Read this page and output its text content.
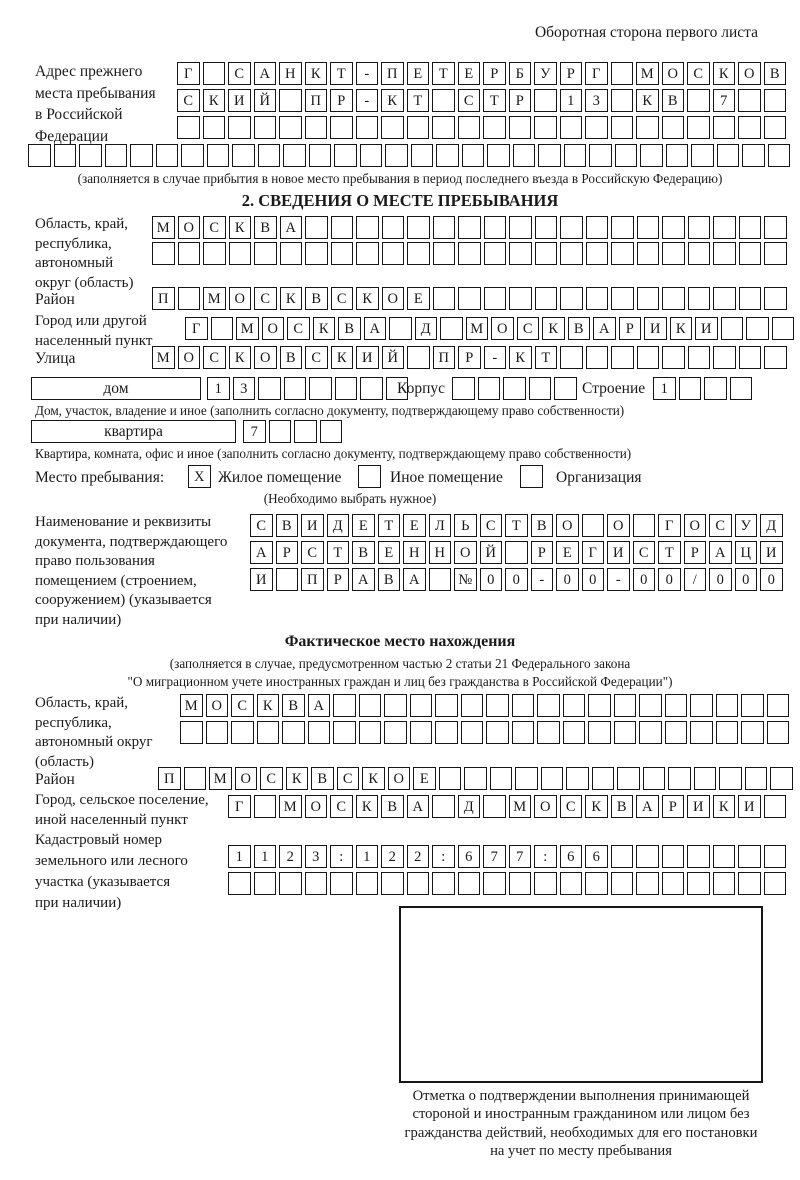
Оборотная сторона первого листа
Адрес прежнего
места пребывания
в Российской
Федерации
Г	С	А	Н	К	Т	-	П	Е	Т	Е	Р	Б	У	Р	Г	М О	С	К	О	В
С	К	И	Й	П	Р	-	К	Т	С	Т	Р	1	3	К	В	7
(заполняется в случае прибытия в новое место пребывания в период последнего въезда в Российскую Федерацию)
2. СВЕДЕНИЯ О МЕСТЕ ПРЕБЫВАНИЯ
Область, край,
республика,
автономный
округ (область)
М О	С	К	В	А
Район	П	М О	С	К	В	С	К	О	Е
Город или другой
населенный пункт
Г	М О	С	К	В	А	Д	М О	С	К	В	А	Р	И	К	И
Улица	М О	С	К	О	В	С	К	И	Й	П	Р	-	К	Т
дом	1	3	Корпус	Строение	1
Дом, участок, владение и иное (заполнить согласно документу, подтверждающему право собственности)
квартира	7
Квартира, комната, офис и иное (заполнить согласно документу, подтверждающему право собственности)
Место пребывания:	X Жилое помещение	Иное помещение	Организация
(Необходимо выбрать нужное)
Наименование и реквизиты
документа, подтверждающего
право пользования
помещением (строением,
сооружением) (указывается
при наличии)
С	В	И	Д	Е	Т	Е	Л	Ь	С	Т	В	О	О	Г	О	С	У	Д
А	Р	С	Т	В	Е	Н	Н	О	Й	Р	Е	Г	И	С	Т	Р	А	Ц	И
И	П	Р	А	В	А	№	0	0	-	0	0	-	0	0	/	0	0	0
Фактическое место нахождения
(заполняется в случае, предусмотренном частью 2 статьи 21 Федерального закона
"О миграционном учете иностранных граждан и лиц без гражданства в Российской Федерации")
Область, край,
республика,
автономный округ
(область)
М О	С	К	В	А
Район	П	М О	С	К	В	С	К	О	Е
Город, сельское поселение,
иной населенный пункт
Г	М О	С	К	В	А	Д	М О	С	К	В	А	Р	И	К	И
Кадастровый номер
земельного или лесного
участка (указывается
при наличии)
1	1	2	3	:	1	2	2	:	6	7	7	:	6	6
Отметка о подтверждении выполнения принимающей
стороной и иностранным гражданином или лицом без
гражданства действий, необходимых для его постановки
на учет по месту пребывания
